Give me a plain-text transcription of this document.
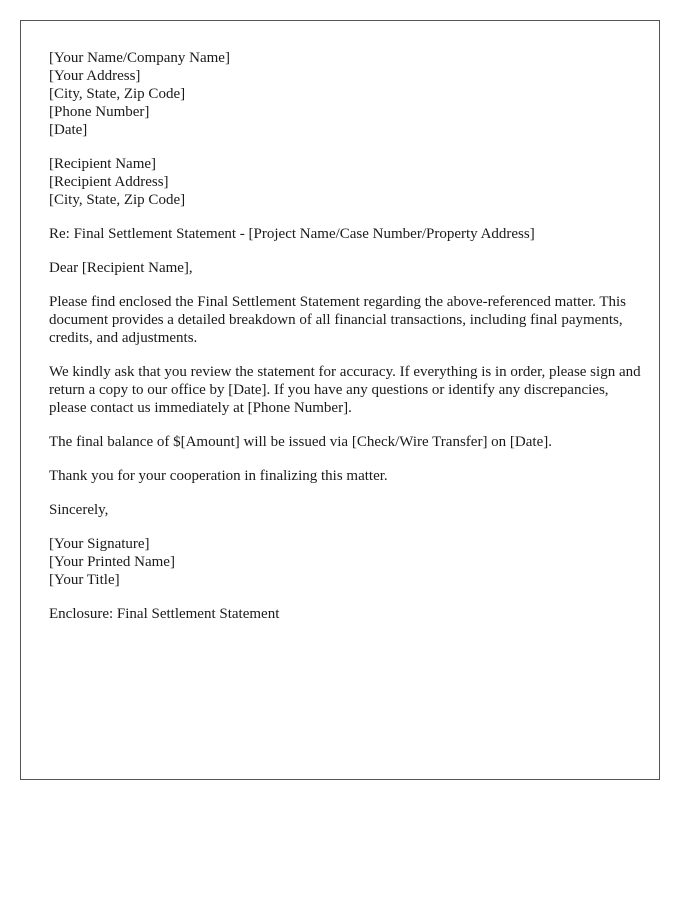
[Your Name/Company Name]
[Your Address]
[City, State, Zip Code]
[Phone Number]
[Date]
[Recipient Name]
[Recipient Address]
[City, State, Zip Code]

Re: Final Settlement Statement - [Project Name/Case Number/Property Address]

Dear [Recipient Name],

Please find enclosed the Final Settlement Statement regarding the above-referenced matter. This document provides a detailed breakdown of all financial transactions, including final payments, credits, and adjustments.

We kindly ask that you review the statement for accuracy. If everything is in order, please sign and return a copy to our office by [Date]. If you have any questions or identify any discrepancies, please contact us immediately at [Phone Number].

The final balance of $[Amount] will be issued via [Check/Wire Transfer] on [Date].

Thank you for your cooperation in finalizing this matter.

Sincerely,

[Your Signature]
[Your Printed Name]
[Your Title]

Enclosure: Final Settlement Statement
